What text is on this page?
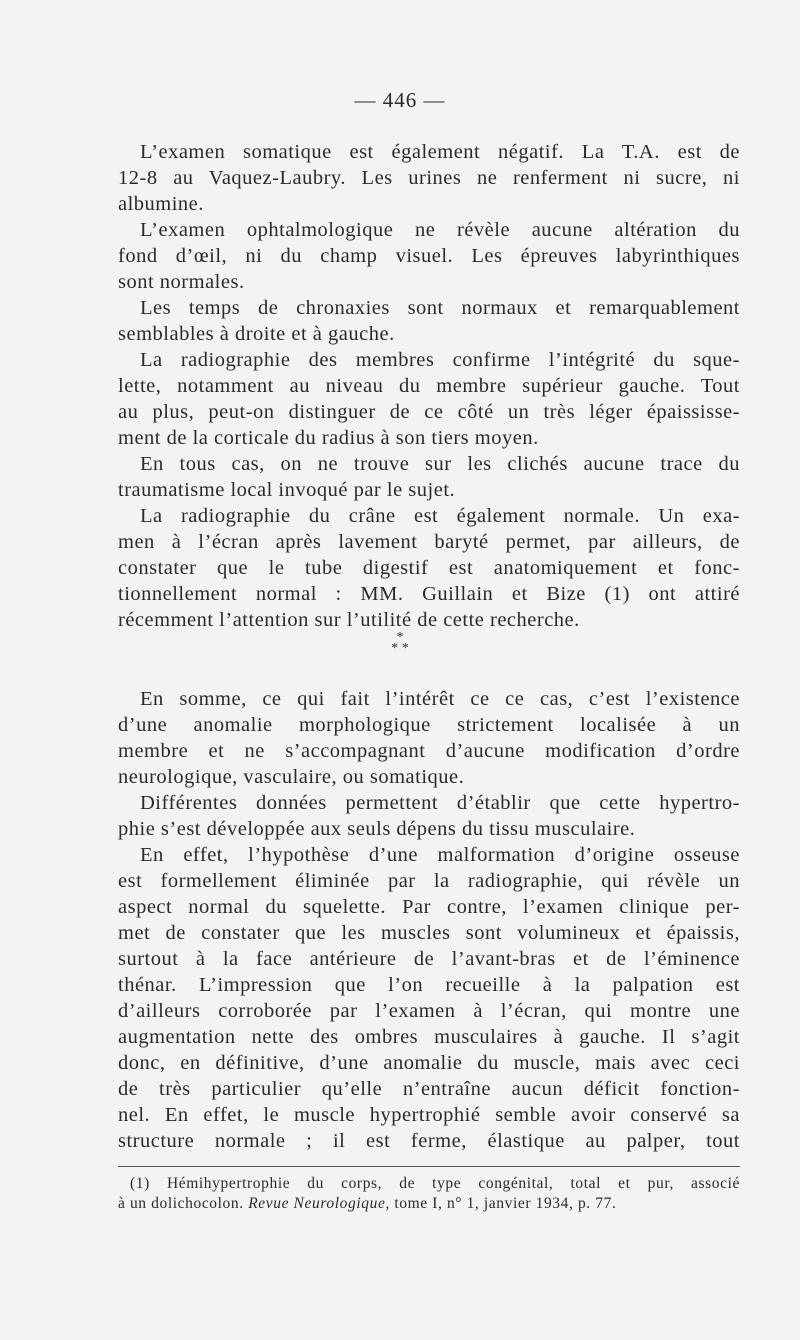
— 446 —
L’examen somatique est également négatif. La T.A. est de
12-8 au Vaquez-Laubry. Les urines ne renferment ni sucre, ni
albumine.
L’examen ophtalmologique ne révèle aucune altération du
fond d’œil, ni du champ visuel. Les épreuves labyrinthiques
sont normales.
Les temps de chronaxies sont normaux et remarquablement
semblables à droite et à gauche.
La radiographie des membres confirme l’intégrité du sque-
lette, notamment au niveau du membre supérieur gauche. Tout
au plus, peut-on distinguer de ce côté un très léger épaississe-
ment de la corticale du radius à son tiers moyen.
En tous cas, on ne trouve sur les clichés aucune trace du
traumatisme local invoqué par le sujet.
La radiographie du crâne est également normale. Un exa-
men à l’écran après lavement baryté permet, par ailleurs, de
constater que le tube digestif est anatomiquement et fonc-
tionnellement normal : MM. Guillain et Bize (1) ont attiré
récemment l’attention sur l’utilité de cette recherche.
*
* *
En somme, ce qui fait l’intérêt ce ce cas, c’est l’existence
d’une anomalie morphologique strictement localisée à un
membre et ne s’accompagnant d’aucune modification d’ordre
neurologique, vasculaire, ou somatique.
Différentes données permettent d’établir que cette hypertro-
phie s’est développée aux seuls dépens du tissu musculaire.
En effet, l’hypothèse d’une malformation d’origine osseuse
est formellement éliminée par la radiographie, qui révèle un
aspect normal du squelette. Par contre, l’examen clinique per-
met de constater que les muscles sont volumineux et épaissis,
surtout à la face antérieure de l’avant-bras et de l’éminence
thénar. L’impression que l’on recueille à la palpation est
d’ailleurs corroborée par l’examen à l’écran, qui montre une
augmentation nette des ombres musculaires à gauche. Il s’agit
donc, en définitive, d’une anomalie du muscle, mais avec ceci
de très particulier qu’elle n’entraîne aucun déficit fonction-
nel. En effet, le muscle hypertrophié semble avoir conservé sa
structure normale ; il est ferme, élastique au palper, tout
(1) Hémihypertrophie du corps, de type congénital, total et pur, associé
à un dolichocolon. Revue Neurologique, tome I, n° 1, janvier 1934, p. 77.
